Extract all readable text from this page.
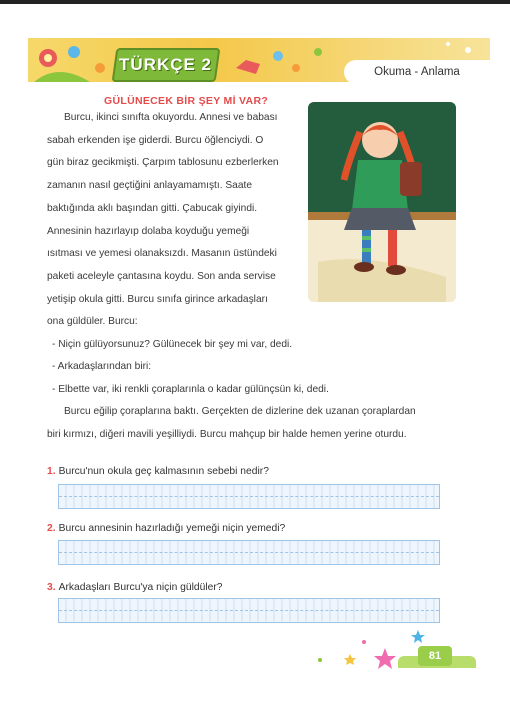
TÜRKÇE 2	Okuma - Anlama
GÜLÜNECEK BİR ŞEY Mİ VAR?
Burcu, ikinci sınıfta okuyordu. Annesi ve babası
sabah erkenden işe giderdi. Burcu öğlenciydi. O
gün biraz gecikmişti. Çarpım tablosunu ezberlerken
zamanın nasıl geçtiğini anlayamamıştı. Saate
baktığında aklı başından gitti. Çabucak giyindi.
Annesinin hazırlayıp dolaba koyduğu yemeği
ısıtması ve yemesi olanaksızdı. Masanın üstündeki
paketi aceleyle çantasına koydu. Son anda servise
yetişip okula gitti. Burcu sınıfa girince arkadaşları
ona güldüler. Burcu:
- Niçin gülüyorsunuz? Gülünecek bir şey mi var, dedi.
- Arkadaşlarından biri:
- Elbette var, iki renkli çoraplarınla o kadar gülünçsün ki, dedi.
Burcu eğilip çoraplarına baktı. Gerçekten de dizlerine dek uzanan çoraplardan
biri kırmızı, diğeri mavili yeşilliydi. Burcu mahçup bir halde hemen yerine oturdu.
1. Burcu'nun okula geç kalmasının sebebi nedir?
2. Burcu annesinin hazırladığı yemeği niçin yemedi?
3. Arkadaşları Burcu'ya niçin güldüler?
81
